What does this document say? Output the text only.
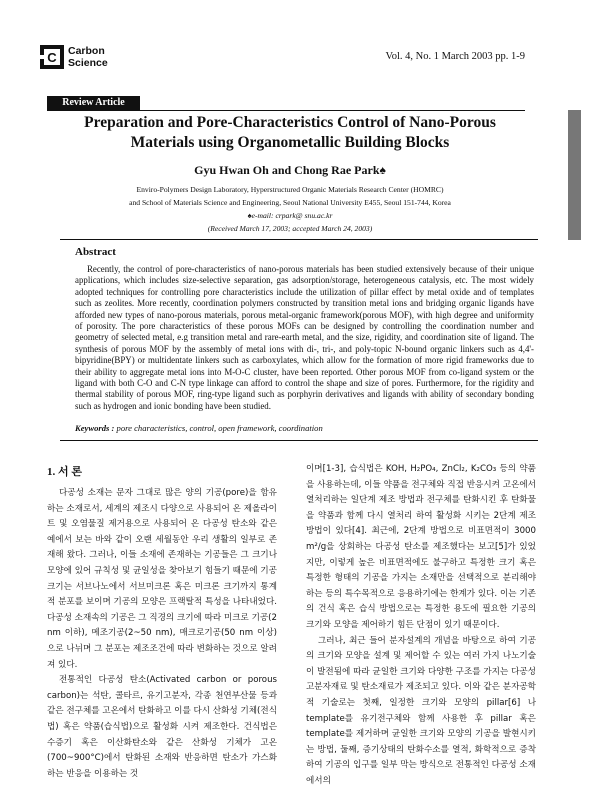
C Carbon
Science
Vol. 4, No. 1 March 2003 pp. 1-9
Review Article
Preparation and Pore-Characteristics Control of Nano-Porous
Materials using Organometallic Building Blocks
Gyu Hwan Oh and Chong Rae Park♠
Enviro-Polymers Design Laboratory, Hyperstructured Organic Materials Research Center (HOMRC)
and School of Materials Science and Engineering, Seoul National University E455, Seoul 151-744, Korea
♠e-mail: crpark@ snu.ac.kr
(Received March 17, 2003; accepted March 24, 2003)
Abstract
Recently, the control of pore-characteristics of nano-porous materials has been studied extensively because of their unique applications, which includes size-selective separation, gas adsorption/storage, heterogeneous catalysis, etc. The most widely adopted techniques for controlling pore characteristics include the utilization of pillar effect by metal oxide and of templates such as zeolites. More recently, coordination polymers constructed by transition metal ions and bridging organic ligands have afforded new types of nano-porous materials, porous metal-organic framework(porous MOF), with high degree and uniformity of porosity. The pore characteristics of these porous MOFs can be designed by controlling the coordination number and geometry of selected metal, e.g transition metal and rare-earth metal, and the size, rigidity, and coordination site of ligand. The synthesis of porous MOF by the assembly of metal ions with di-, tri-, and poly-topic N-bound organic linkers such as 4,4'-bipyridine(BPY) or multidentate linkers such as carboxylates, which allow for the formation of more rigid frameworks due to their ability to aggregate metal ions into M-O-C cluster, have been reported. Other porous MOF from co-ligand system or the ligand with both C-O and C-N type linkage can afford to control the shape and size of pores. Furthermore, for the rigidity and thermal stability of porous MOF, ring-type ligand such as porphyrin derivatives and ligands with ability of secondary bonding such as hydrogen and ionic bonding have been studied.
Keywords : pore characteristics, control, open framework, coordination
1. 서 론

다공성 소재는 문자 그대로 많은 양의 기공(pore)을 함유하는 소재로서, 세계의 제조시 다양으로 사용되어 온 제올라이트 및 오염물질 제거용으로 사용되어 온 다공성 탄소와 같은 예에서 보는 바와 같이 오랜 세월동안 우리 생활의 일부로 존재해 왔다. 그러나, 이들 소재에 존재하는 기공들은 그 크기나 모양에 있어 규칙성 및 균일성을 찾아보기 힘들기 때문에 기공크기는 서브나노에서 서브미크론 혹은 미크론 크기까지 통계적 분포를 보이며 기공의 모양은 프랙탈적 특성을 나타내었다. 다공성 소재속의 기공은 그 직경의 크기에 따라 미크로 기공(2 nm 이하), 메조기공(2~50 nm), 매크로기공(50 nm 이상)으로 나뉘며 그 분포는 제조조건에 따라 변화하는 것으로 알려져 있다.

전통적인 다공성 탄소(Activated carbon or porous carbon)는 석탄, 콜타르, 유기고분자, 각종 천연부산물 등과 같은 전구체를 고온에서 탄화하고 이를 다시 산화성 기체(전식법) 혹은 약품(습식법)으로 활성화 시켜 제조한다. 건식법은 수증기 혹은 이산화탄소와 같은 산화성 기체가 고온(700~900°C)에서 탄화된 소재와 반응하면 탄소가 가스화 하는 반응을 이용하는 것

이며[1-3], 습식법은 KOH, H₂PO₄, ZnCl₂, K₂CO₃ 등의 약품을 사용하는데, 이들 약품을 전구체와 직접 반응시켜 고온에서 열처리하는 일단계 제조 방법과 전구체를 탄화시킨 후 탄화물을 약품과 함께 다시 열처리 하여 활성화 시키는 2단계 제조 방법이 있다[4]. 최근에, 2단계 방법으로 비표면적이 3000 m²/g을 상회하는 다공성 탄소를 제조했다는 보고[5]가 있었지만, 이렇게 높은 비표면적에도 불구하고 특정한 크기 혹은 특정한 형태의 기공을 가지는 소재만을 선택적으로 분리해야 하는 등의 특수목적으로 응용하기에는 한계가 있다. 이는 기존의 건식 혹은 습식 방법으로는 특정한 용도에 필요한 기공의 크기와 모양을 제어하기 힘든 단점이 있기 때문이다.

그러나, 최근 들어 분자설계의 개념을 바탕으로 하여 기공의 크기와 모양을 설계 및 제어할 수 있는 여러 가지 나노기술이 발전됨에 따라 균일한 크기와 다양한 구조를 가지는 다공성 고분자재료 및 탄소재료가 제조되고 있다. 이와 같은 분자공학적 기술로는 첫째, 일정한 크기와 모양의 pillar[6] 나 template를 유기전구체와 함께 사용한 후 pillar 혹은 template를 제거하며 균일한 크기와 모양의 기공을 발현시키는 방법, 둘째, 증기상태의 탄화수소를 열적, 화학적으로 증착하여 기공의 입구를 일부 막는 방식으로 전통적인 다공성 소재에서의
